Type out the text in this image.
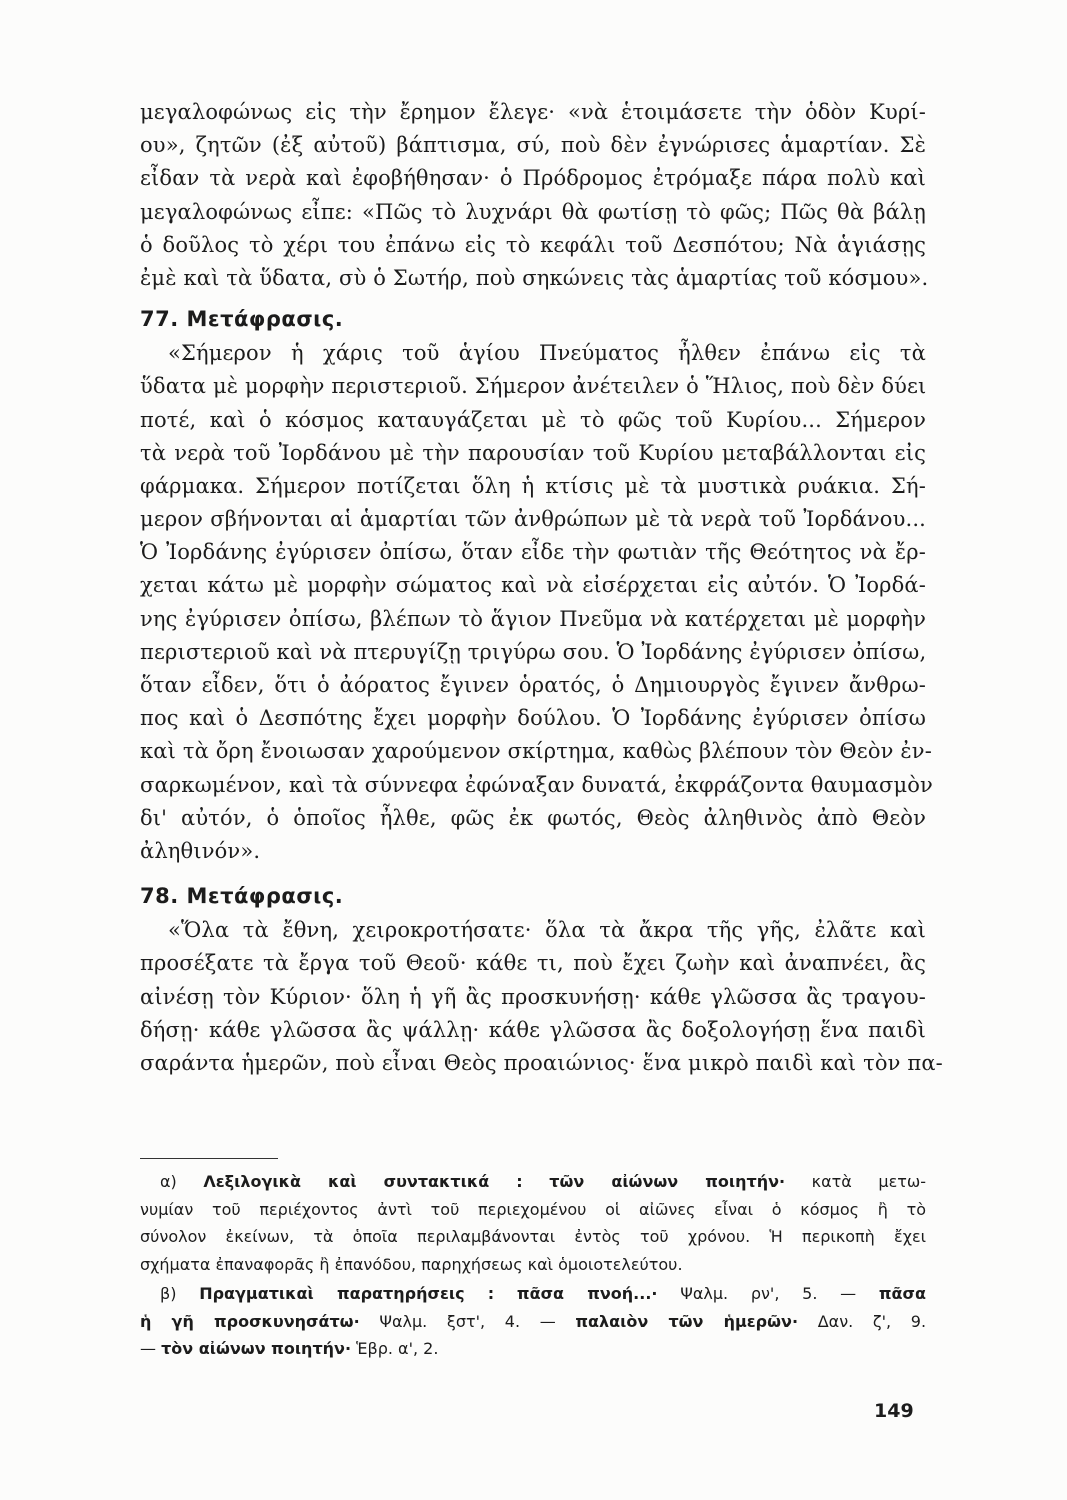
μεγαλοφώνως εἰς τὴν ἔρημον ἔλεγε· «νὰ ἑτοιμάσετε τὴν ὁδὸν Κυρί-
ου», ζητῶν (ἐξ αὐτοῦ) βάπτισμα, σύ, ποὺ δὲν ἐγνώρισες ἁμαρτίαν. Σὲ
εἶδαν τὰ νερὰ καὶ ἐφοβήθησαν· ὁ Πρόδρομος ἐτρόμαξε πάρα πολὺ καὶ
μεγαλοφώνως εἶπε: «Πῶς τὸ λυχνάρι θὰ φωτίσῃ τὸ φῶς; Πῶς θὰ βάλῃ
ὁ δοῦλος τὸ χέρι του ἐπάνω εἰς τὸ κεφάλι τοῦ Δεσπότου; Νὰ ἁγιάσῃς
ἐμὲ καὶ τὰ ὕδατα, σὺ ὁ Σωτήρ, ποὺ σηκώνεις τὰς ἁμαρτίας τοῦ κόσμου».
77. Μετάφρασις.
«Σήμερον ἡ χάρις τοῦ ἁγίου Πνεύματος ἦλθεν ἐπάνω εἰς τὰ
ὕδατα μὲ μορφὴν περιστεριοῦ. Σήμερον ἀνέτειλεν ὁ Ἥλιος, ποὺ δὲν δύει
ποτέ, καὶ ὁ κόσμος καταυγάζεται μὲ τὸ φῶς τοῦ Κυρίου... Σήμερον
τὰ νερὰ τοῦ Ἰορδάνου μὲ τὴν παρουσίαν τοῦ Κυρίου μεταβάλλονται εἰς
φάρμακα. Σήμερον ποτίζεται ὅλη ἡ κτίσις μὲ τὰ μυστικὰ ρυάκια. Σή-
μερον σβήνονται αἱ ἁμαρτίαι τῶν ἀνθρώπων μὲ τὰ νερὰ τοῦ Ἰορδάνου...
Ὁ Ἰορδάνης ἐγύρισεν ὀπίσω, ὅταν εἶδε τὴν φωτιὰν τῆς Θεότητος νὰ ἔρ-
χεται κάτω μὲ μορφὴν σώματος καὶ νὰ εἰσέρχεται εἰς αὐτόν. Ὁ Ἰορδά-
νης ἐγύρισεν ὀπίσω, βλέπων τὸ ἅγιον Πνεῦμα νὰ κατέρχεται μὲ μορφὴν
περιστεριοῦ καὶ νὰ πτερυγίζῃ τριγύρω σου. Ὁ Ἰορδάνης ἐγύρισεν ὀπίσω,
ὅταν εἶδεν, ὅτι ὁ ἀόρατος ἔγινεν ὁρατός, ὁ Δημιουργὸς ἔγινεν ἄνθρω-
πος καὶ ὁ Δεσπότης ἔχει μορφὴν δούλου. Ὁ Ἰορδάνης ἐγύρισεν ὀπίσω
καὶ τὰ ὄρη ἔνοιωσαν χαρούμενον σκίρτημα, καθὼς βλέπουν τὸν Θεὸν ἐν-
σαρκωμένον, καὶ τὰ σύννεφα ἐφώναξαν δυνατά, ἐκφράζοντα θαυμασμὸν
δι' αὐτόν, ὁ ὁποῖος ἦλθε, φῶς ἐκ φωτός, Θεὸς ἀληθινὸς ἀπὸ Θεὸν
ἀληθινόν».
78. Μετάφρασις.
«Ὅλα τὰ ἔθνη, χειροκροτήσατε· ὅλα τὰ ἄκρα τῆς γῆς, ἐλᾶτε καὶ
προσέξατε τὰ ἔργα τοῦ Θεοῦ· κάθε τι, ποὺ ἔχει ζωὴν καὶ ἀναπνέει, ἂς
αἰνέσῃ τὸν Κύριον· ὅλη ἡ γῆ ἂς προσκυνήσῃ· κάθε γλῶσσα ἂς τραγου-
δήσῃ· κάθε γλῶσσα ἂς ψάλλῃ· κάθε γλῶσσα ἂς δοξολογήσῃ ἕνα παιδὶ
σαράντα ἡμερῶν, ποὺ εἶναι Θεὸς προαιώνιος· ἕνα μικρὸ παιδὶ καὶ τὸν πα-
α) Λεξιλογικὰ καὶ συντακτικά : τῶν αἰώνων ποιητήν· κατὰ μετω-
νυμίαν τοῦ περιέχοντος ἀντὶ τοῦ περιεχομένου οἱ αἰῶνες εἶναι ὁ κόσμος ἢ τὸ
σύνολον ἐκείνων, τὰ ὁποῖα περιλαμβάνονται ἐντὸς τοῦ χρόνου. Ἡ περικοπὴ ἔχει
σχήματα ἐπαναφορᾶς ἢ ἐπανόδου, παρηχήσεως καὶ ὁμοιοτελεύτου.
β) Πραγματικαὶ παρατηρήσεις : πᾶσα πνοή...· Ψαλμ. ρν', 5. — πᾶσα
ἡ γῆ προσκυνησάτω· Ψαλμ. ξστ', 4. — παλαιὸν τῶν ἡμερῶν· Δαν. ζ', 9.
— τὸν αἰώνων ποιητήν· Ἑβρ. α', 2.
149
